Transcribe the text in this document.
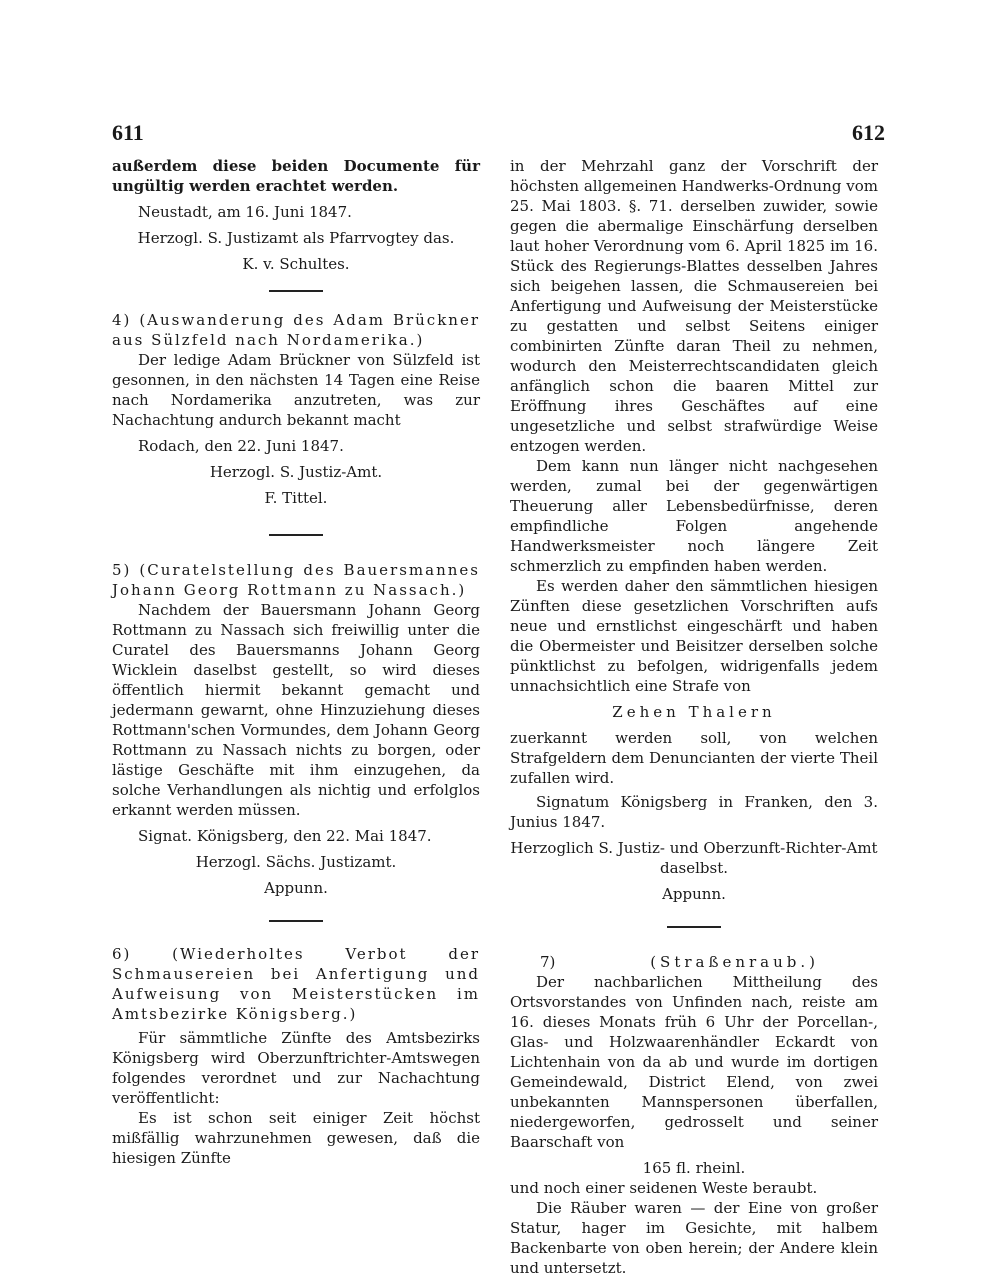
611	612

außerdem diese beiden Documente für ungültig werden erachtet werden.

Neustadt, am 16. Juni 1847.

Herzogl. S. Justizamt als Pfarrvogtey das.

K. v. Schultes.

4) (Auswanderung des Adam Brückner aus Sülzfeld nach Nordamerika.)

Der ledige Adam Brückner von Sülzfeld ist gesonnen, in den nächsten 14 Tagen eine Reise nach Nordamerika anzutreten, was zur Nachachtung andurch bekannt macht

Rodach, den 22. Juni 1847.

Herzogl. S. Justiz-Amt.

F. Tittel.

5) (Curatelstellung des Bauersmannes Johann Georg Rottmann zu Nassach.)

Nachdem der Bauersmann Johann Georg Rottmann zu Nassach sich freiwillig unter die Curatel des Bauersmanns Johann Georg Wicklein daselbst gestellt, so wird dieses öffentlich hiermit bekannt gemacht und jedermann gewarnt, ohne Hinzuziehung dieses Rottmann'schen Vormundes, dem Johann Georg Rottmann zu Nassach nichts zu borgen, oder lästige Geschäfte mit ihm einzugehen, da solche Verhandlungen als nichtig und erfolglos erkannt werden müssen.

Signat. Königsberg, den 22. Mai 1847.

Herzogl. Sächs. Justizamt.

Appunn.

6) (Wiederholtes Verbot der Schmausereien bei Anfertigung und Aufweisung von Meisterstücken im Amtsbezirke Königsberg.)

Für sämmtliche Zünfte des Amtsbezirks Königsberg wird Oberzunftrichter-Amtswegen folgendes verordnet und zur Nachachtung veröffentlicht:

Es ist schon seit einiger Zeit höchst mißfällig wahrzunehmen gewesen, daß die hiesigen Zünfte

in der Mehrzahl ganz der Vorschrift der höchsten allgemeinen Handwerks-Ordnung vom 25. Mai 1803. §. 71. derselben zuwider, sowie gegen die abermalige Einschärfung derselben laut hoher Verordnung vom 6. April 1825 im 16. Stück des Regierungs-Blattes desselben Jahres sich beigehen lassen, die Schmausereien bei Anfertigung und Aufweisung der Meisterstücke zu gestatten und selbst Seitens einiger combinirten Zünfte daran Theil zu nehmen, wodurch den Meisterrechtscandidaten gleich anfänglich schon die baaren Mittel zur Eröffnung ihres Geschäftes auf eine ungesetzliche und selbst strafwürdige Weise entzogen werden.

Dem kann nun länger nicht nachgesehen werden, zumal bei der gegenwärtigen Theuerung aller Lebensbedürfnisse, deren empfindliche Folgen angehende Handwerksmeister noch längere Zeit schmerzlich zu empfinden haben werden.

Es werden daher den sämmtlichen hiesigen Zünften diese gesetzlichen Vorschriften aufs neue und ernstlichst eingeschärft und haben die Obermeister und Beisitzer derselben solche pünktlichst zu befolgen, widrigenfalls jedem unnachsichtlich eine Strafe von

Zehen Thalern

zuerkannt werden soll, von welchen Strafgeldern dem Denuncianten der vierte Theil zufallen wird.

Signatum Königsberg in Franken, den 3. Junius 1847.

Herzoglich S. Justiz- und Oberzunft-Richter-Amt daselbst.

Appunn.

7)	(Straßenraub.)

Der nachbarlichen Mittheilung des Ortsvorstandes von Unfinden nach, reiste am 16. dieses Monats früh 6 Uhr der Porcellan-, Glas- und Holzwaarenhändler Eckardt von Lichtenhain von da ab und wurde im dortigen Gemeindewald, District Elend, von zwei unbekannten Mannspersonen überfallen, niedergeworfen, gedrosselt und seiner Baarschaft von

165 fl. rheinl.

und noch einer seidenen Weste beraubt.

Die Räuber waren — der Eine von großer Statur, hager im Gesichte, mit halbem Backenbarte von oben herein; der Andere klein und untersetzt.
